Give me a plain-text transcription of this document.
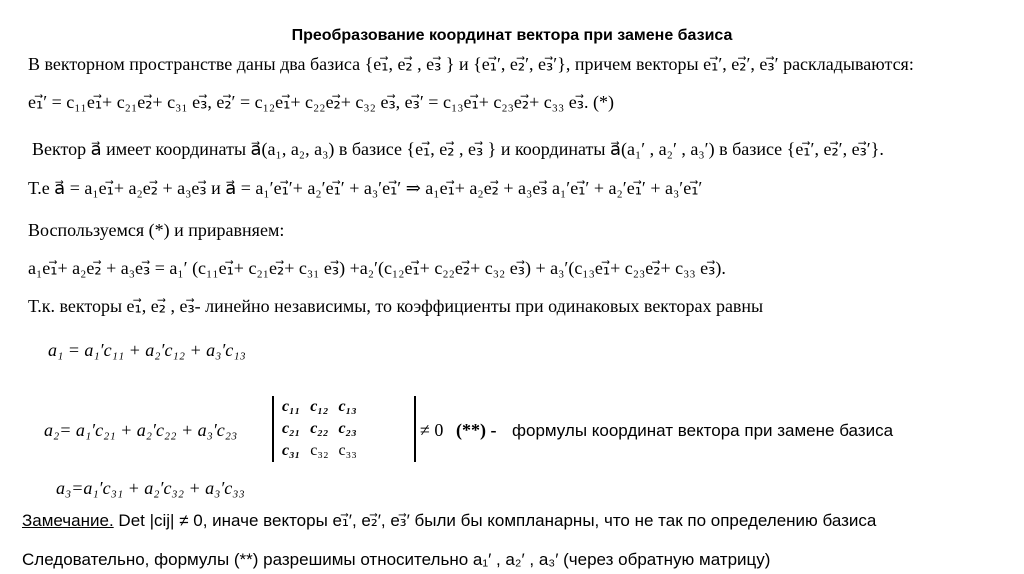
Преобразование координат вектора при замене базиса
В векторном пространстве даны два базиса {e₁⃗, e₂⃗ , e₃⃗ } и {e₁⃗′, e₂⃗′, e₃⃗′}, причем векторы e₁⃗′, e₂⃗′, e₃⃗′ раскладываются:
e₁⃗′ = c₁₁e₁⃗+ c₂₁e₂⃗+ c₃₁ e₃⃗, e₂⃗′ = c₁₂e₁⃗+ c₂₂e₂⃗+ c₃₂ e₃⃗, e₃⃗′ = c₁₃e₁⃗+ c₂₃e₂⃗+ c₃₃ e₃⃗. (*)
Вектор a⃗ имеет координаты a⃗(a₁, a₂, a₃) в базисе {e₁⃗, e₂⃗ , e₃⃗ } и координаты a⃗(a₁′ , a₂′ , a₃′) в базисе {e₁⃗′, e₂⃗′, e₃⃗′}.
Т.е a⃗ = a₁e₁⃗+ a₂e₂⃗ + a₃e₃⃗ и a⃗ = a₁′e₁⃗′+ a₂′e₁⃗′ + a₃′e₁⃗′ ⇒ a₁e₁⃗+ a₂e₂⃗ + a₃e₃⃗ a₁′e₁⃗′ + a₂′e₁⃗′ + a₃′e₁⃗′
Воспользуемся (*) и приравняем:
a₁e₁⃗+ a₂e₂⃗ + a₃e₃⃗ = a₁′ (c₁₁e₁⃗+ c₂₁e₂⃗+ c₃₁ e₃⃗) +a₂′(c₁₂e₁⃗+ c₂₂e₂⃗+ c₃₂ e₃⃗) + a₃′(c₁₃e₁⃗+ c₂₃e₂⃗+ c₃₃ e₃⃗).
Т.к. векторы e₁⃗, e₂⃗ , e₃⃗- линейно независимы, то коэффициенты при одинаковых векторах равны
a₁ = a₁′c₁₁ + a₂′c₁₂ + a₃′c₁₃
a₂= a₁′c₂₁ + a₂′c₂₂ + a₃′c₂₃
c₁₁	c₁₂	c₁₃
c₂₁	c₂₂	c₂₃
c₃₁	c₃₂	c₃₃
≠ 0 (**) - формулы координат вектора при замене базиса
a₃=a₁′c₃₁ + a₂′c₃₂ + a₃′c₃₃
Замечание. Det |cij| ≠ 0, иначе векторы e₁⃗′, e₂⃗′, e₃⃗′ были бы компланарны, что не так по определению базиса
Следовательно, формулы (**) разрешимы относительно a₁′ , a₂′ , a₃′ (через обратную матрицу)
